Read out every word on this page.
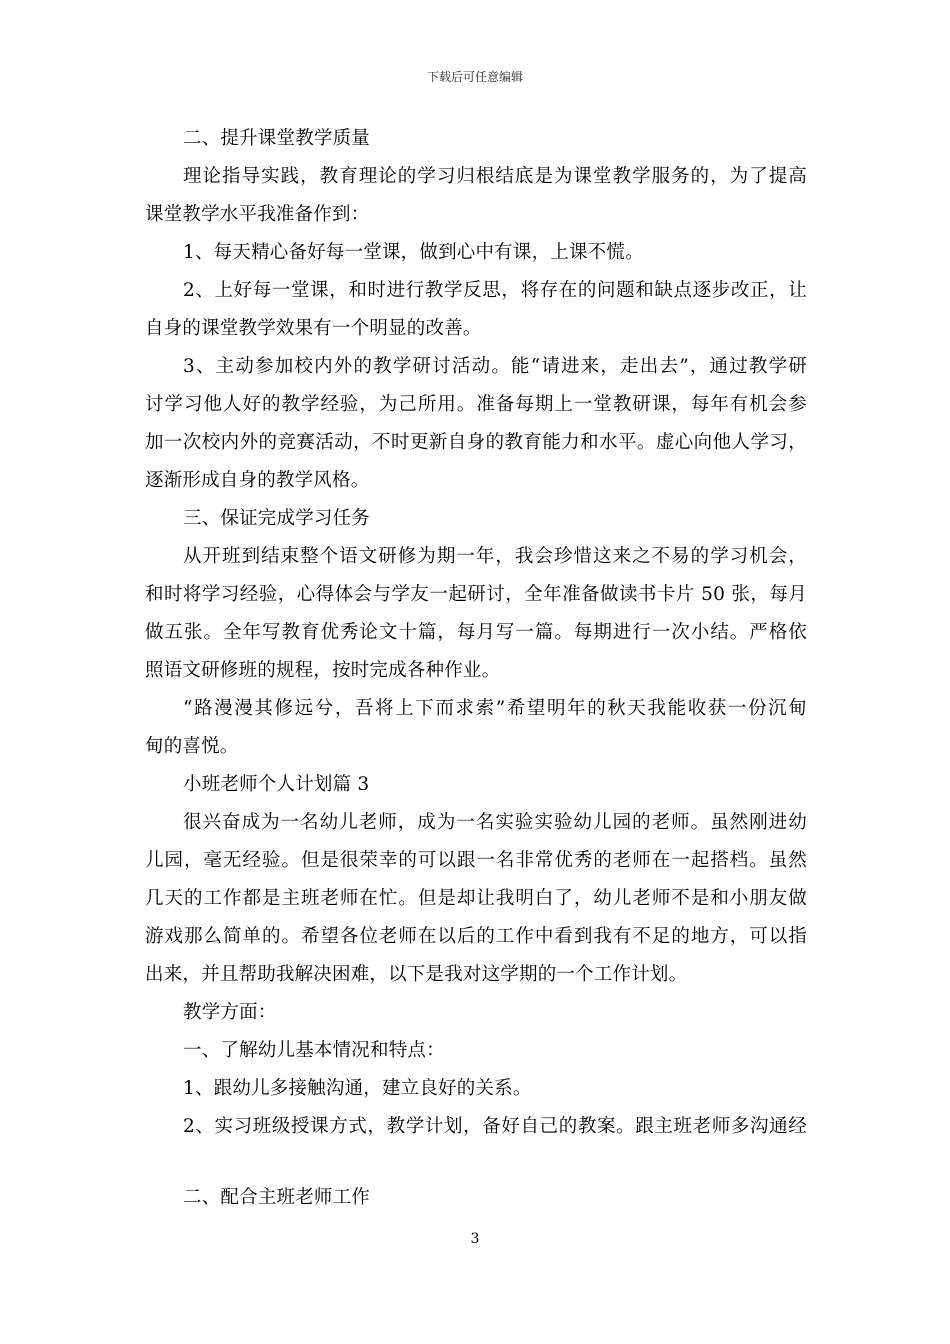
下载后可任意编辑
二、提升课堂教学质量
理论指导实践，教育理论的学习归根结底是为课堂教学服务的，为了提高
课堂教学水平我准备作到：
1、每天精心备好每一堂课，做到心中有课，上课不慌。
2、上好每一堂课，和时进行教学反思，将存在的问题和缺点逐步改正，让
自身的课堂教学效果有一个明显的改善。
3、主动参加校内外的教学研讨活动。能“请进来，走出去”，通过教学研
讨学习他人好的教学经验，为己所用。准备每期上一堂教研课，每年有机会参
加一次校内外的竞赛活动，不时更新自身的教育能力和水平。虚心向他人学习，
逐渐形成自身的教学风格。
三、保证完成学习任务
从开班到结束整个语文研修为期一年，我会珍惜这来之不易的学习机会，
和时将学习经验，心得体会与学友一起研讨，全年准备做读书卡片 50 张，每月
做五张。全年写教育优秀论文十篇，每月写一篇。每期进行一次小结。严格依
照语文研修班的规程，按时完成各种作业。
“路漫漫其修远兮，吾将上下而求索”希望明年的秋天我能收获一份沉甸
甸的喜悦。
小班老师个人计划篇 3
很兴奋成为一名幼儿老师，成为一名实验实验幼儿园的老师。虽然刚进幼
儿园，毫无经验。但是很荣幸的可以跟一名非常优秀的老师在一起搭档。虽然
几天的工作都是主班老师在忙。但是却让我明白了，幼儿老师不是和小朋友做
游戏那么简单的。希望各位老师在以后的工作中看到我有不足的地方，可以指
出来，并且帮助我解决困难，以下是我对这学期的一个工作计划。
教学方面：
一、了解幼儿基本情况和特点：
1、跟幼儿多接触沟通，建立良好的关系。
2、实习班级授课方式，教学计划，备好自己的教案。跟主班老师多沟通经
二、配合主班老师工作
3
